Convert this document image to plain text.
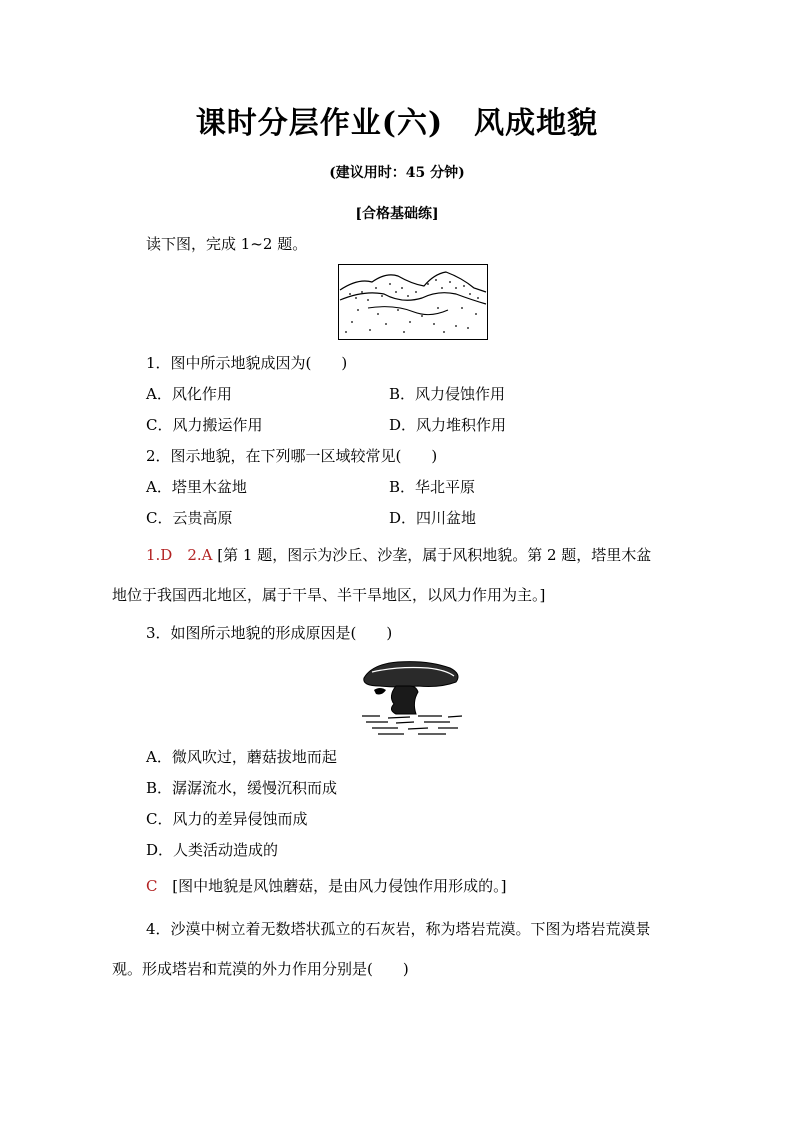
课时分层作业(六)　风成地貌
(建议用时：45 分钟)
[合格基础练]
读下图，完成 1~2 题。
1．图中所示地貌成因为(　　)
A．风化作用	B．风力侵蚀作用
C．风力搬运作用	D．风力堆积作用
2．图示地貌，在下列哪一区域较常见(　　)
A．塔里木盆地	B．华北平原
C．云贵高原	D．四川盆地
1.D　2.A [第 1 题，图示为沙丘、沙垄，属于风积地貌。第 2 题，塔里木盆
地位于我国西北地区，属于干旱、半干旱地区，以风力作用为主。]
3．如图所示地貌的形成原因是(　　)
A．微风吹过，蘑菇拔地而起
B．潺潺流水，缓慢沉积而成
C．风力的差异侵蚀而成
D．人类活动造成的
C [图中地貌是风蚀蘑菇，是由风力侵蚀作用形成的。]
4．沙漠中树立着无数塔状孤立的石灰岩，称为塔岩荒漠。下图为塔岩荒漠景
观。形成塔岩和荒漠的外力作用分别是(　　)
